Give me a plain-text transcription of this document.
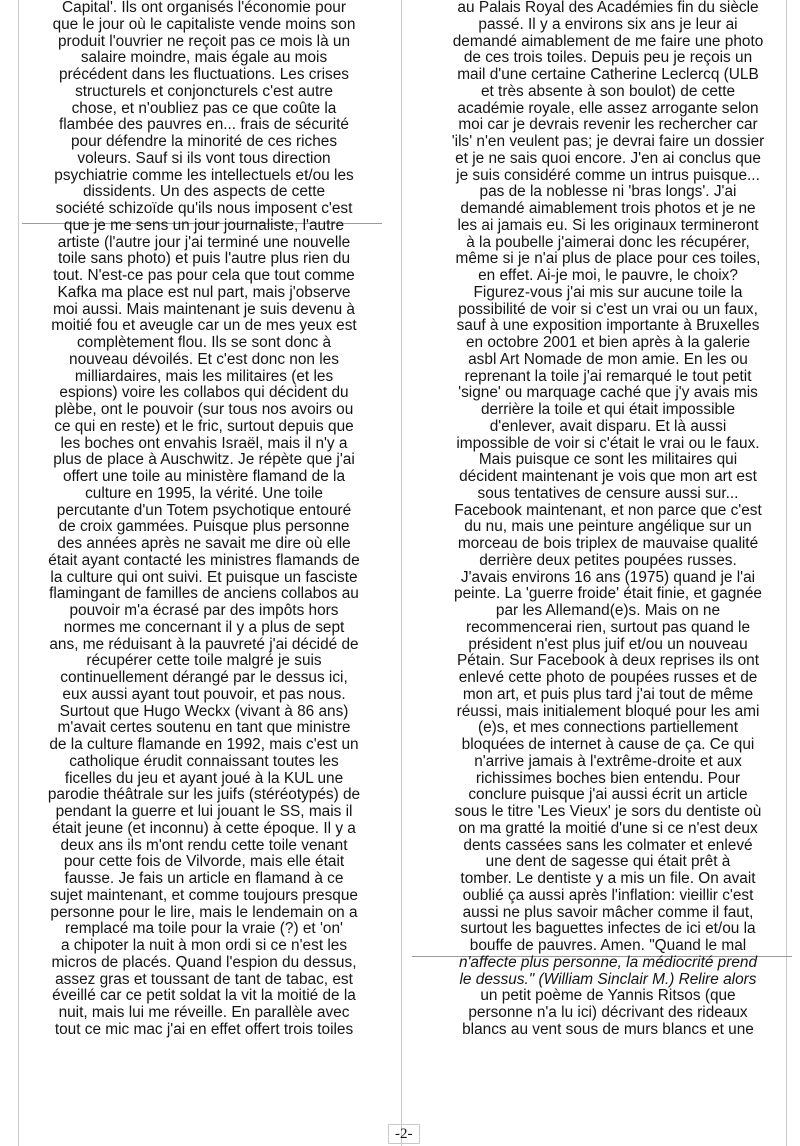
Capital'. Ils ont organisés l'économie pour
que le jour où le capitaliste vende moins son
produit l'ouvrier ne reçoit pas ce mois là un
salaire moindre, mais égale au mois
précédent dans les fluctuations. Les crises
structurels et conjoncturels c'est autre
chose, et n'oubliez pas ce que coûte la
flambée des pauvres en... frais de sécurité
pour défendre la minorité de ces riches
voleurs. Sauf si ils vont tous direction
psychiatrie comme les intellectuels et/ou les
dissidents. Un des aspects de cette
société schizoïde qu'ils nous imposent c'est
que je me sens un jour journaliste, l'autre
artiste (l'autre jour j'ai terminé une nouvelle
toile sans photo) et puis l'autre plus rien du
tout. N'est-ce pas pour cela que tout comme
Kafka ma place est nul part, mais j'observe
moi aussi. Mais maintenant je suis devenu à
moitié fou et aveugle car un de mes yeux est
complètement flou. Ils se sont donc à
nouveau dévoilés. Et c'est donc non les
milliardaires, mais les militaires (et les
espions) voire les collabos qui décident du
plèbe, ont le pouvoir (sur tous nos avoirs ou
ce qui en reste) et le fric, surtout depuis que
les boches ont envahis Israël, mais il n'y a
plus de place à Auschwitz. Je répète que j'ai
offert une toile au ministère flamand de la
culture en 1995, la vérité. Une toile
percutante d'un Totem psychotique entouré
de croix gammées. Puisque plus personne
des années après ne savait me dire où elle
était ayant contacté les ministres flamands de
la culture qui ont suivi. Et puisque un fasciste
flamingant de familles de anciens collabos au
pouvoir m'a écrasé par des impôts hors
normes me concernant il y a plus de sept
ans, me réduisant à la pauvreté j'ai décidé de
récupérer cette toile malgré je suis
continuellement dérangé par le dessus ici,
eux aussi ayant tout pouvoir, et pas nous.
Surtout que Hugo Weckx (vivant à 86 ans)
m'avait certes soutenu en tant que ministre
de la culture flamande en 1992, mais c'est un
catholique érudit connaissant toutes les
ficelles du jeu et ayant joué à la KUL une
parodie théâtrale sur les juifs (stéréotypés) de
pendant la guerre et lui jouant le SS, mais il
était jeune (et inconnu) à cette époque. Il y a
deux ans ils m'ont rendu cette toile venant
pour cette fois de Vilvorde, mais elle était
fausse. Je fais un article en flamand à ce
sujet maintenant, et comme toujours presque
personne pour le lire, mais le lendemain on a
remplacé ma toile pour la vraie (?) et 'on'
a chipoter la nuit à mon ordi si ce n'est les
micros de placés. Quand l'espion du dessus,
assez gras et toussant de tant de tabac, est
éveillé car ce petit soldat la vit la moitié de la
nuit, mais lui me réveille. En parallèle avec
tout ce mic mac j'ai en effet offert trois toiles
au Palais Royal des Académies fin du siècle
passé. Il y a environs six ans je leur ai
demandé aimablement de me faire une photo
de ces trois toiles. Depuis peu je reçois un
mail d'une certaine Catherine Leclercq (ULB
et très absente à son boulot) de cette
académie royale, elle assez arrogante selon
moi car je devrais revenir les rechercher car
'ils' n'en veulent pas; je devrai faire un dossier
et je ne sais quoi encore. J'en ai conclus que
je suis considéré comme un intrus puisque...
pas de la noblesse ni 'bras longs'. J'ai
demandé aimablement trois photos et je ne
les ai jamais eu. Si les originaux termineront
à la poubelle j'aimerai donc les récupérer,
même si je n'ai plus de place pour ces toiles,
en effet. Ai-je moi, le pauvre, le choix?
Figurez-vous j'ai mis sur aucune toile la
possibilité de voir si c'est un vrai ou un faux,
sauf à une exposition importante à Bruxelles
en octobre 2001 et bien après à la galerie
asbl Art Nomade de mon amie. En les ou
reprenant la toile j'ai remarqué le tout petit
'signe' ou marquage caché que j'y avais mis
derrière la toile et qui était impossible
d'enlever, avait disparu. Et là aussi
impossible de voir si c'était le vrai ou le faux.
Mais puisque ce sont les militaires qui
décident maintenant je vois que mon art est
sous tentatives de censure aussi sur...
Facebook maintenant, et non parce que c'est
du nu, mais une peinture angélique sur un
morceau de bois triplex de mauvaise qualité
derrière deux petites poupées russes.
J'avais environs 16 ans (1975) quand je l'ai
peinte. La 'guerre froide' était finie, et gagnée
par les Allemand(e)s. Mais on ne
recommencerai rien, surtout pas quand le
président n'est plus juif et/ou un nouveau
Pétain. Sur Facebook à deux reprises ils ont
enlevé cette photo de poupées russes et de
mon art, et puis plus tard j'ai tout de même
réussi, mais initialement bloqué pour les ami
(e)s, et mes connections partiellement
bloquées de internet à cause de ça. Ce qui
n'arrive jamais à l'extrême-droite et aux
richissimes boches bien entendu. Pour
conclure puisque j'ai aussi écrit un article
sous le titre 'Les Vieux' je sors du dentiste où
on ma gratté la moitié d'une si ce n'est deux
dents cassées sans les colmater et enlevé
une dent de sagesse qui était prêt à
tomber. Le dentiste y a mis un file. On avait
oublié ça aussi après l'inflation: vieillir c'est
aussi ne plus savoir mâcher comme il faut,
surtout les baguettes infectes de ici et/ou la
bouffe de pauvres. Amen. "Quand le mal
n'affecte plus personne, la médiocrité prend
le dessus." (William Sinclair M.) Relire alors
un petit poème de Yannis Ritsos (que
personne n'a lu ici) décrivant des rideaux
blancs au vent sous de murs blancs et une
-2-
